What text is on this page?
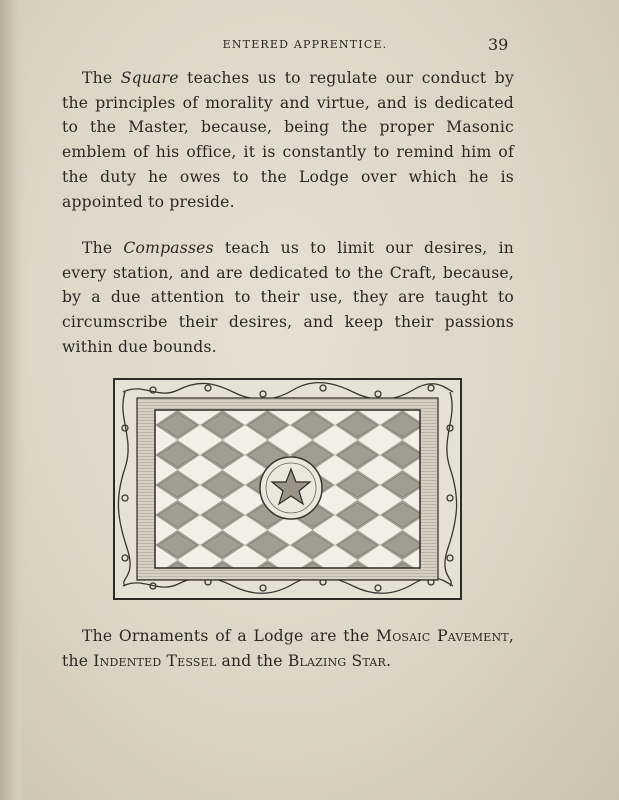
ENTERED APPRENTICE.	39

The Square teaches us to regulate our conduct by the principles of morality and virtue, and is dedicated to the Master, because, being the proper Masonic emblem of his office, it is constantly to remind him of the duty he owes to the Lodge over which he is appointed to preside.

The Compasses teach us to limit our desires, in every station, and are dedicated to the Craft, because, by a due attention to their use, they are taught to circumscribe their desires, and keep their passions within due bounds.

The Ornaments of a Lodge are the Mosaic Pavement, the Indented Tessel and the Blazing Star.
